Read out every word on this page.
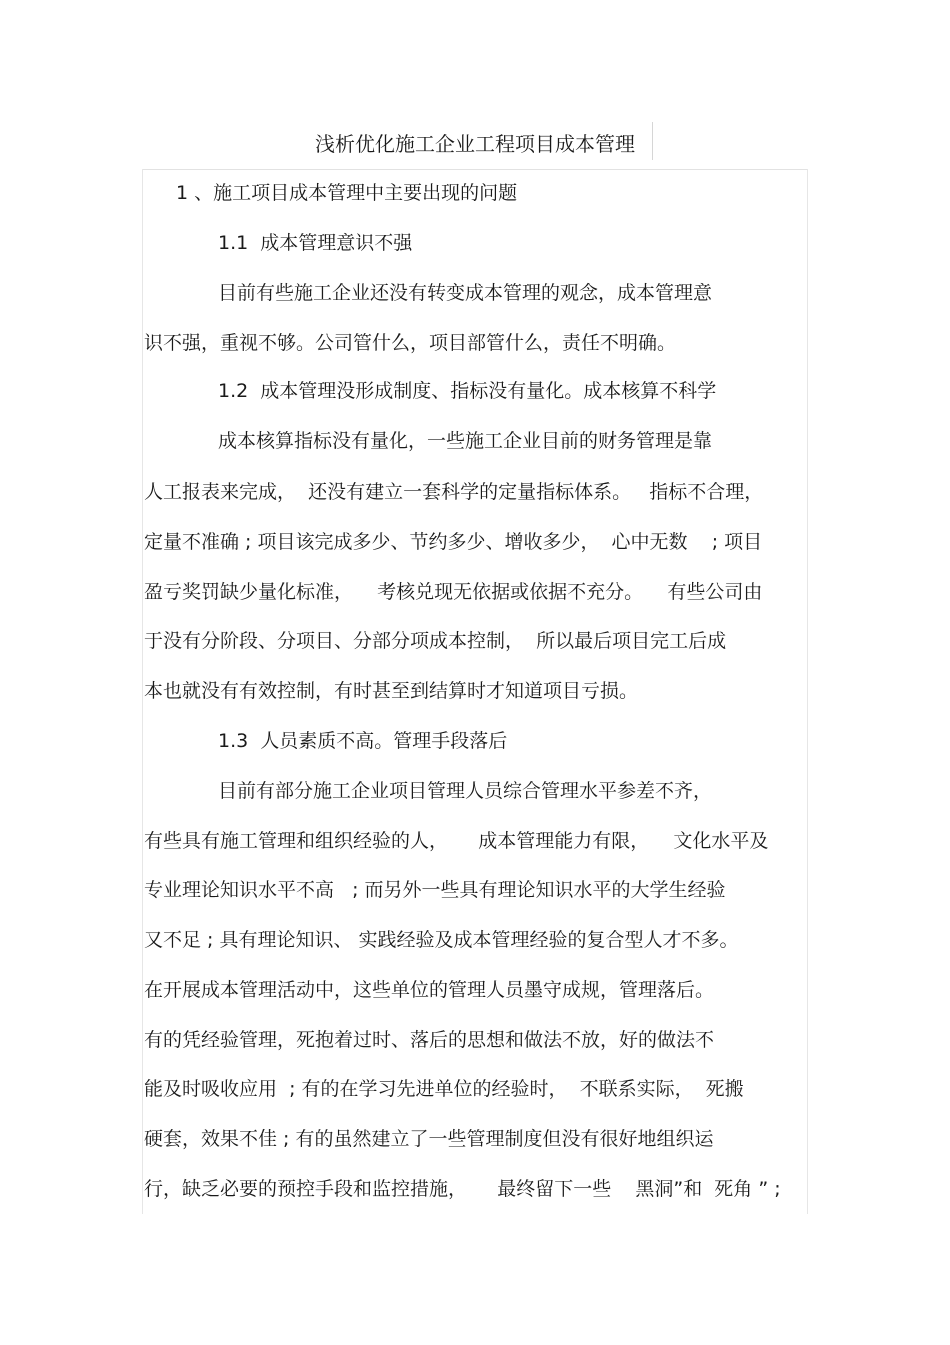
浅析优化施工企业工程项目成本管理
1 、施工项目成本管理中主要出现的问题
1.1  成本管理意识不强
目前有些施工企业还没有转变成本管理的观念，成本管理意
识不强，重视不够。公司管什么，项目部管什么，责任不明确。
1.2  成本管理没形成制度、指标没有量化。成本核算不科学
成本核算指标没有量化，一些施工企业目前的财务管理是靠
人工报表来完成，  还没有建立一套科学的定量指标体系。   指标不合理，
定量不准确 ; 项目该完成多少、节约多少、增收多少，  心中无数    ; 项目
盈亏奖罚缺少量化标准，    考核兑现无依据或依据不充分。    有些公司由
于没有分阶段、分项目、分部分项成本控制，  所以最后项目完工后成
本也就没有有效控制，有时甚至到结算时才知道项目亏损。
1.3  人员素质不高。管理手段落后
目前有部分施工企业项目管理人员综合管理水平参差不齐，
有些具有施工管理和组织经验的人，     成本管理能力有限，    文化水平及
专业理论知识水平不高   ; 而另外一些具有理论知识水平的大学生经验
又不足 ; 具有理论知识、 实践经验及成本管理经验的复合型人才不多。
在开展成本管理活动中，这些单位的管理人员墨守成规，管理落后。
有的凭经验管理，死抱着过时、落后的思想和做法不放，好的做法不
能及时吸收应用  ; 有的在学习先进单位的经验时，  不联系实际，  死搬
硬套，效果不佳 ; 有的虽然建立了一些管理制度但没有很好地组织运
行，缺乏必要的预控手段和监控措施，     最终留下一些    黑洞”和  死角 ” ;
